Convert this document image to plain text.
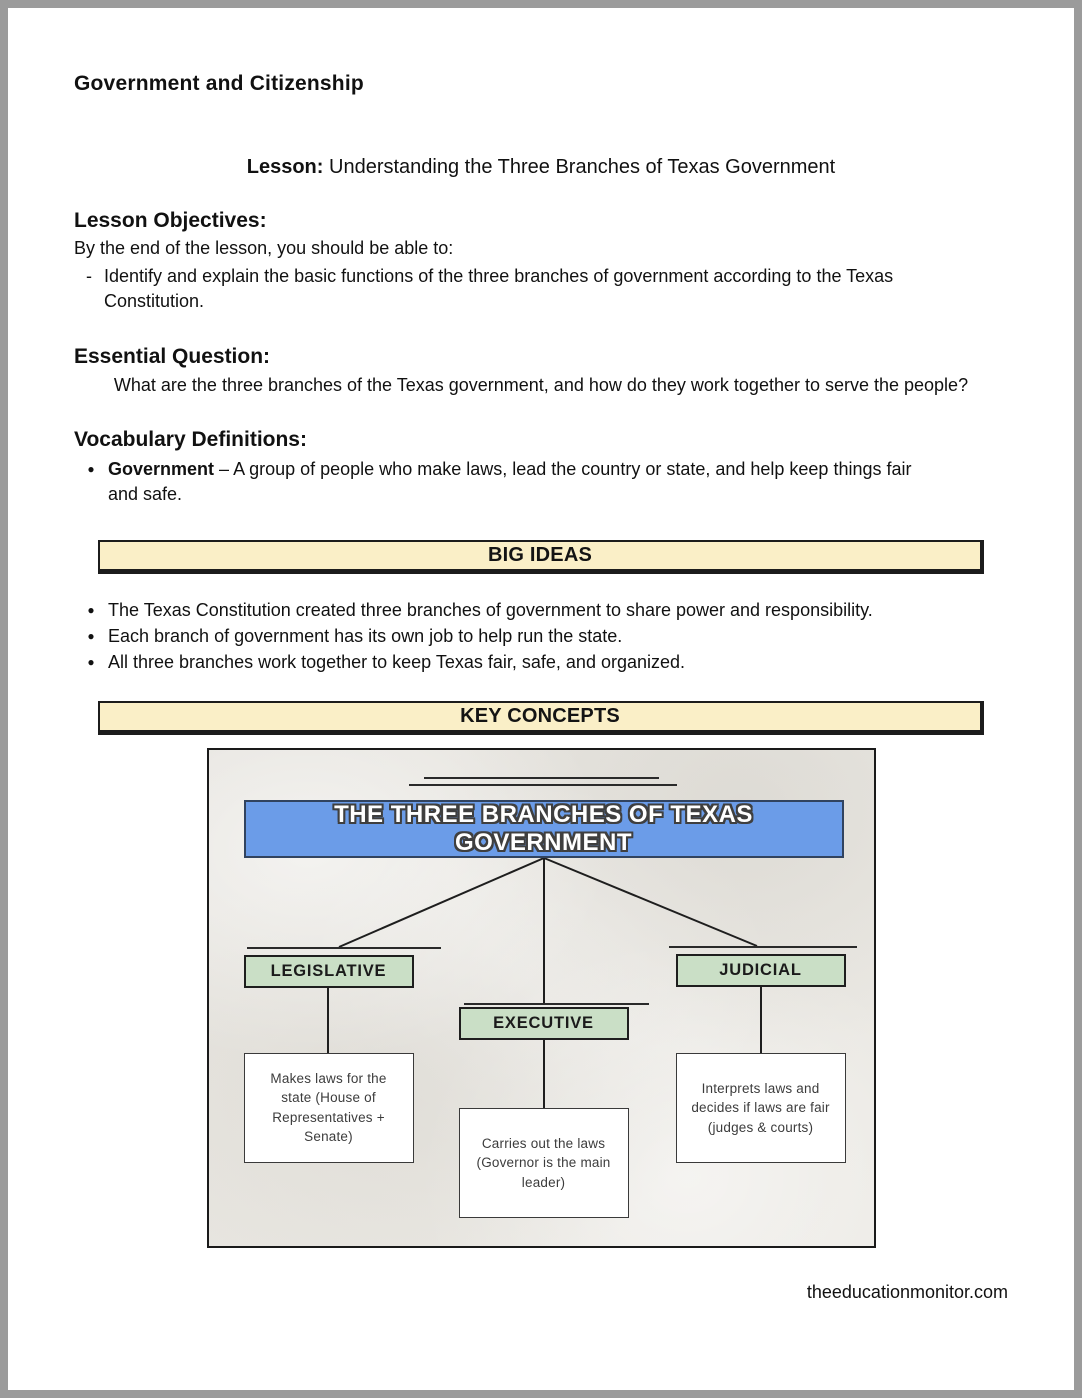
Government and Citizenship
Lesson: Understanding the Three Branches of Texas Government
Lesson Objectives:
By the end of the lesson, you should be able to:
- Identify and explain the basic functions of the three branches of government according to the Texas Constitution.
Essential Question:
What are the three branches of the Texas government, and how do they work together to serve the people?
Vocabulary Definitions:
● Government – A group of people who make laws, lead the country or state, and help keep things fair and safe.
BIG IDEAS
● The Texas Constitution created three branches of government to share power and responsibility.
● Each branch of government has its own job to help run the state.
● All three branches work together to keep Texas fair, safe, and organized.
KEY CONCEPTS
THE THREE BRANCHES OF TEXAS GOVERNMENT
LEGISLATIVE	JUDICIAL
EXECUTIVE
Makes laws for the state (House of Representatives + Senate)
Interprets laws and decides if laws are fair (judges & courts)
Carries out the laws (Governor is the main leader)
theeducationmonitor.com
